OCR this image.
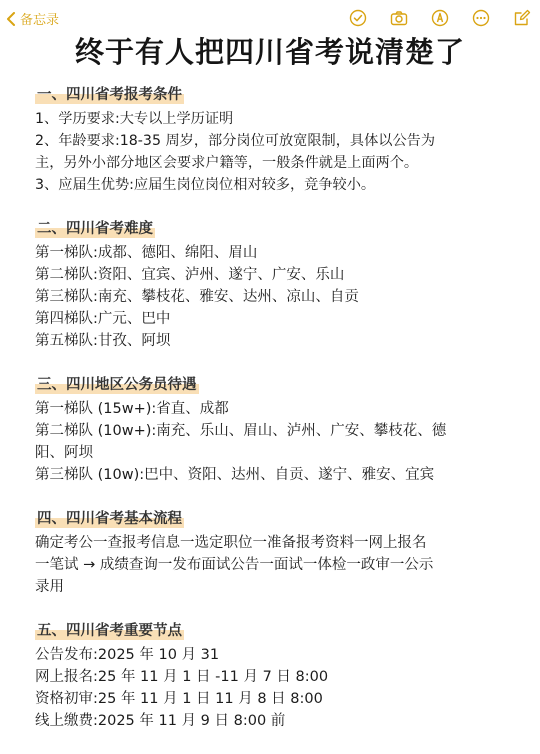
备忘录
终于有人把四川省考说清楚了
一、四川省考报考条件
1、学历要求:大专以上学历证明
2、年龄要求:18-35 周岁，部分岗位可放宽限制，具体以公告为
主，另外小部分地区会要求户籍等，一般条件就是上面两个。
3、应届生优势:应届生岗位岗位相对较多，竞争较小。
二、四川省考难度
第一梯队:成都、德阳、绵阳、眉山
第二梯队:资阳、宜宾、泸州、遂宁、广安、乐山
第三梯队:南充、攀枝花、雅安、达州、凉山、自贡
第四梯队:广元、巴中
第五梯队:甘孜、阿坝
三、四川地区公务员待遇
第一梯队 (15w+):省直、成都
第二梯队 (10w+):南充、乐山、眉山、泸州、广安、攀枝花、德
阳、阿坝
第三梯队 (10w):巴中、资阳、达州、自贡、遂宁、雅安、宜宾
四、四川省考基本流程
确定考公一查报考信息一选定职位一准备报考资料一网上报名
一笔试 → 成绩查询一发布面试公告一面试一体检一政审一公示
录用
五、四川省考重要节点
公告发布:2025 年 10 月 31
网上报名:25 年 11 月 1 日 -11 月 7 日 8:00
资格初审:25 年 11 月 1 日 11 月 8 日 8:00
线上缴费:2025 年 11 月 9 日 8:00 前
